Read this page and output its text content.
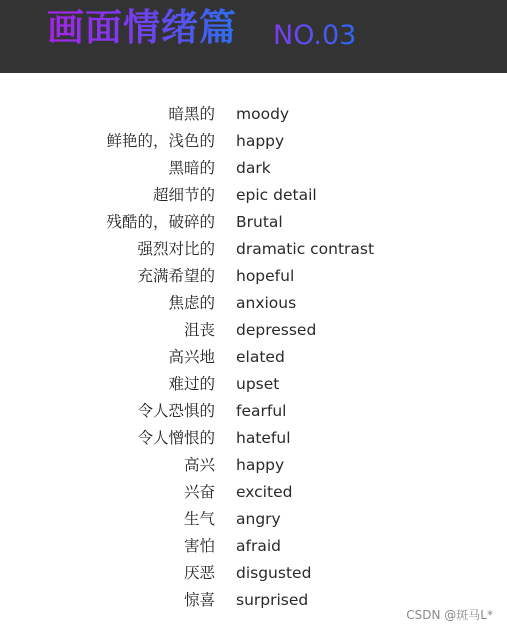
画面情绪篇 NO.03
暗黑的 moody
鲜艳的，浅色的 happy
黑暗的 dark
超细节的 epic detail
残酷的，破碎的 Brutal
强烈对比的 dramatic contrast
充满希望的 hopeful
焦虑的 anxious
沮丧 depressed
高兴地 elated
难过的 upset
令人恐惧的 fearful
令人憎恨的 hateful
高兴 happy
兴奋 excited
生气 angry
害怕 afraid
厌恶 disgusted
惊喜 surprised
CSDN @斑马L*
